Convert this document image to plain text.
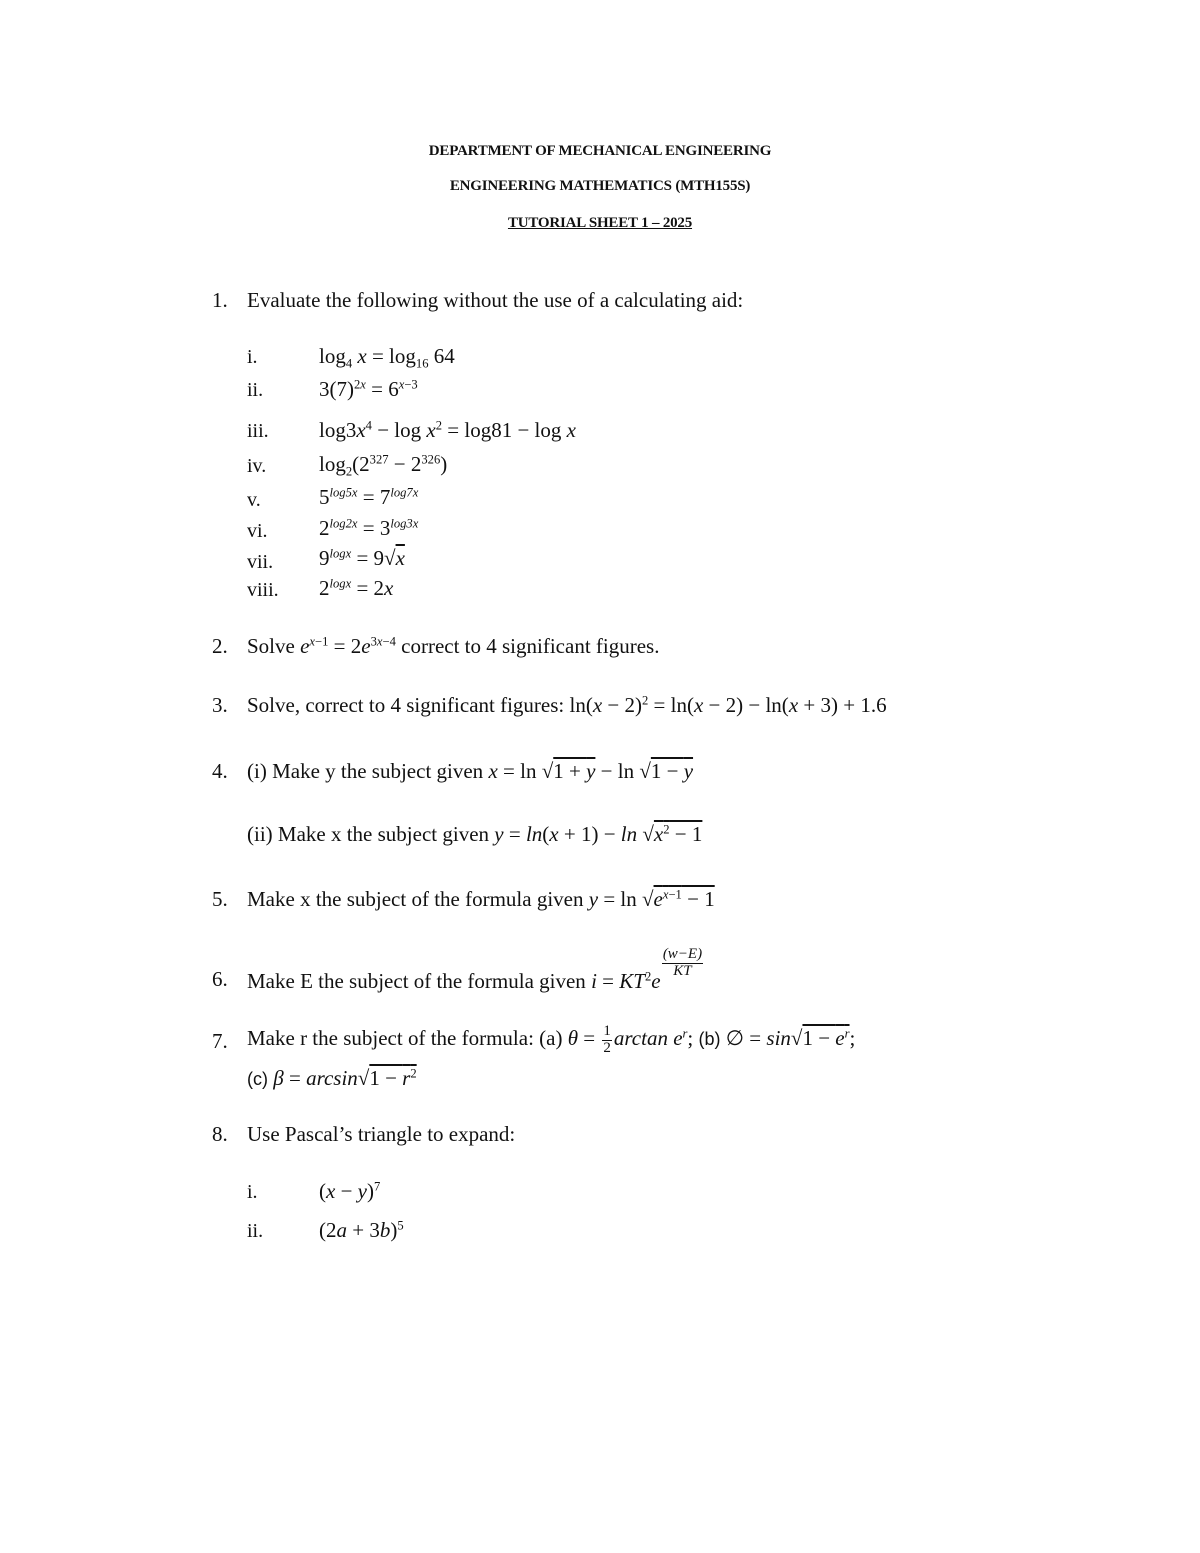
DEPARTMENT OF MECHANICAL ENGINEERING
ENGINEERING MATHEMATICS (MTH155S)
TUTORIAL SHEET 1 – 2025
1. Evaluate the following without the use of a calculating aid:
i.	$\log_4 x = \log_{16} 64$
ii.	$3(7)^{2x} = 6^{x-3}$
iii. $\log 3x^4 - \log x^2 = \log 81 - \log x$
iv.	$\log_2(2^{327} - 2^{326})$
v.	$5^{log5x} = 7^{log7x}$
vi. $2^{log2x} = 3^{log3x}$
vii. $9^{logx} = 9√x$
viii. $2^{logx} = 2x$
2. Solve $e^{x-1} = 2e^{3x-4}$ correct to 4 significant figures.
3. Solve, correct to 4 significant figures: $\ln(x - 2)^2 = \ln(x - 2) - \ln(x + 3) + 1.6$
4. (i) Make y the subject given x = ln √1 + y − ln √1 − y
(ii) Make x the subject given $y = \ln(x + 1) - \ln √x^2 - 1$
5. Make x the subject of the formula given $y = \ln √e^{x-1} - 1$
6. Make E the subject of the formula given $i = KT^2e$
$\frac{(w-E)}{KT}$
7. Make r the subject of the formula: (a) $\theta = \frac{1}{2}$ $\arctan e^r$; (b) ∅ = $\sin√1 - e^r$;
(c) $\beta = \arcsin√1 - r^2$
8. Use Pascal’s triangle to expand:
i.	$(x - y)^7$
ii.	$(2a + 3b)^5$
